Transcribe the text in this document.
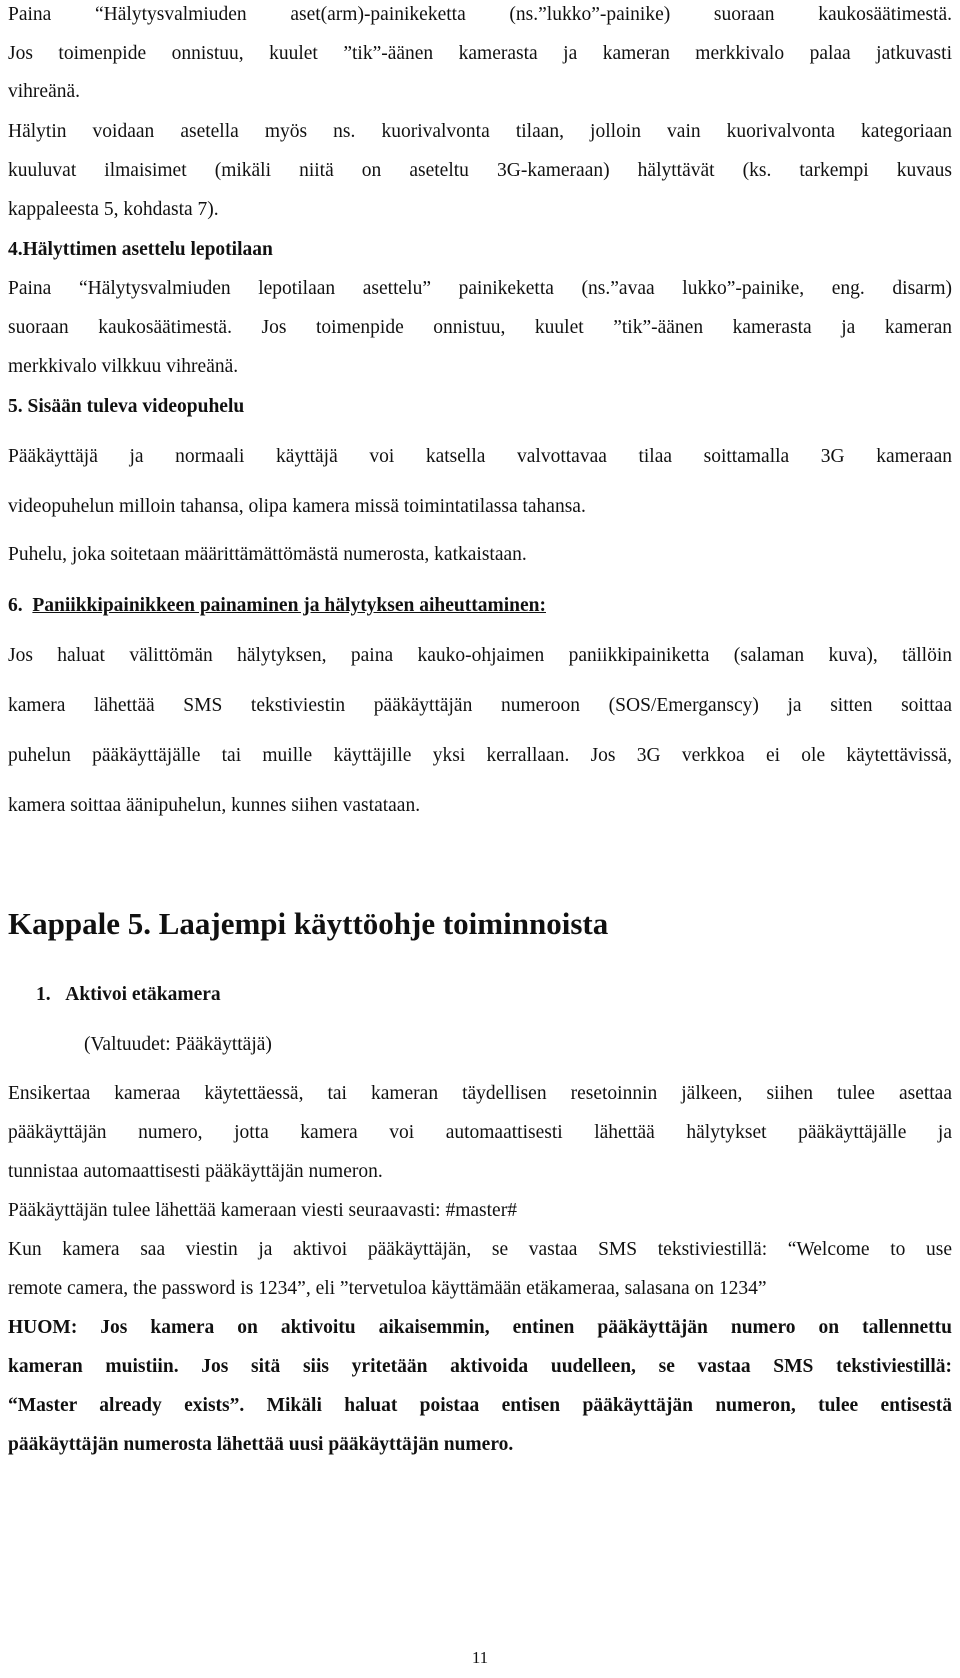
Paina “Hälytysvalmiuden aset(arm)-painikeketta (ns.”lukko”-painike) suoraan kaukosäätimestä.
Jos toimenpide onnistuu, kuulet ”tik”-äänen kamerasta ja kameran merkkivalo palaa jatkuvasti
vihreänä.
Hälytin voidaan asetella myös ns. kuorivalvonta tilaan, jolloin vain kuorivalvonta kategoriaan
kuuluvat ilmaisimet (mikäli niitä on aseteltu 3G-kameraan) hälyttävät (ks. tarkempi kuvaus
kappaleesta 5, kohdasta 7).
4.Hälyttimen asettelu lepotilaan
Paina “Hälytysvalmiuden lepotilaan asettelu” painikeketta (ns.”avaa lukko”-painike, eng. disarm)
suoraan kaukosäätimestä. Jos toimenpide onnistuu, kuulet ”tik”-äänen kamerasta ja kameran
merkkivalo vilkkuu vihreänä.
5. Sisään tuleva videopuhelu
Pääkäyttäjä ja normaali käyttäjä voi katsella valvottavaa tilaa soittamalla 3G kameraan
videopuhelun milloin tahansa, olipa kamera missä toimintatilassa tahansa.
Puhelu, joka soitetaan määrittämättömästä numerosta, katkaistaan.
6. Paniikkipainikkeen painaminen ja hälytyksen aiheuttaminen:
Jos haluat välittömän hälytyksen, paina kauko-ohjaimen paniikkipainiketta (salaman kuva), tällöin
kamera lähettää SMS tekstiviestin pääkäyttäjän numeroon (SOS/Emerganscy) ja sitten soittaa
puhelun pääkäyttäjälle tai muille käyttäjille yksi kerrallaan. Jos 3G verkkoa ei ole käytettävissä,
kamera soittaa äänipuhelun, kunnes siihen vastataan.
Kappale 5. Laajempi käyttöohje toiminnoista
1. Aktivoi etäkamera
(Valtuudet: Pääkäyttäjä)
Ensikertaa kameraa käytettäessä, tai kameran täydellisen resetoinnin jälkeen, siihen tulee asettaa
pääkäyttäjän numero, jotta kamera voi automaattisesti lähettää hälytykset pääkäyttäjälle ja
tunnistaa automaattisesti pääkäyttäjän numeron.
Pääkäyttäjän tulee lähettää kameraan viesti seuraavasti: #master#
Kun kamera saa viestin ja aktivoi pääkäyttäjän, se vastaa SMS tekstiviestillä: “Welcome to use
remote camera, the password is 1234”, eli ”tervetuloa käyttämään etäkameraa, salasana on 1234”
HUOM: Jos kamera on aktivoitu aikaisemmin, entinen pääkäyttäjän numero on tallennettu
kameran muistiin. Jos sitä siis yritetään aktivoida uudelleen, se vastaa SMS tekstiviestillä:
“Master already exists”. Mikäli haluat poistaa entisen pääkäyttäjän numeron, tulee entisestä
pääkäyttäjän numerosta lähettää uusi pääkäyttäjän numero.
11
